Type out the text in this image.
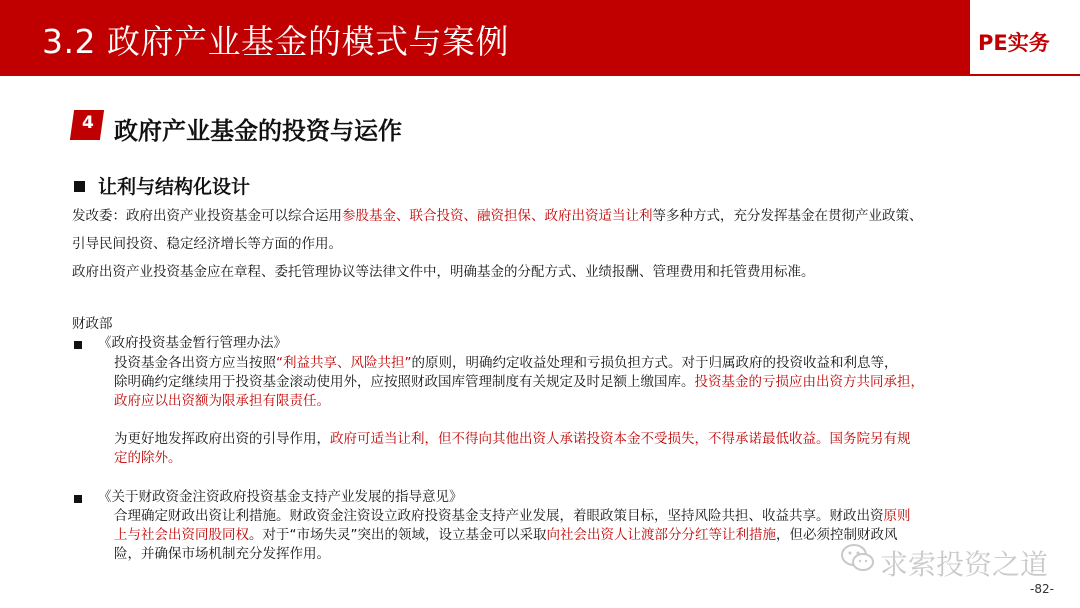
3.2 政府产业基金的模式与案例	PE实务
4 政府产业基金的投资与运作
让利与结构化设计
发改委：政府出资产业投资基金可以综合运用参股基金、联合投资、融资担保、政府出资适当让利等多种方式，充分发挥基金在贯彻产业政策、
引导民间投资、稳定经济增长等方面的作用。
政府出资产业投资基金应在章程、委托管理协议等法律文件中，明确基金的分配方式、业绩报酬、管理费用和托管费用标准。
财政部
《政府投资基金暂行管理办法》
投资基金各出资方应当按照“利益共享、风险共担”的原则，明确约定收益处理和亏损负担方式。对于归属政府的投资收益和利息等，
除明确约定继续用于投资基金滚动使用外，应按照财政国库管理制度有关规定及时足额上缴国库。投资基金的亏损应由出资方共同承担，
政府应以出资额为限承担有限责任。
为更好地发挥政府出资的引导作用，政府可适当让利，但不得向其他出资人承诺投资本金不受损失，不得承诺最低收益。国务院另有规
定的除外。
《关于财政资金注资政府投资基金支持产业发展的指导意见》
合理确定财政出资让利措施。财政资金注资设立政府投资基金支持产业发展，着眼政策目标，坚持风险共担、收益共享。财政出资原则
上与社会出资同股同权。对于“市场失灵”突出的领域，设立基金可以采取向社会出资人让渡部分分红等让利措施，但必须控制财政风
险，并确保市场机制充分发挥作用。	求索投资之道
-82-
